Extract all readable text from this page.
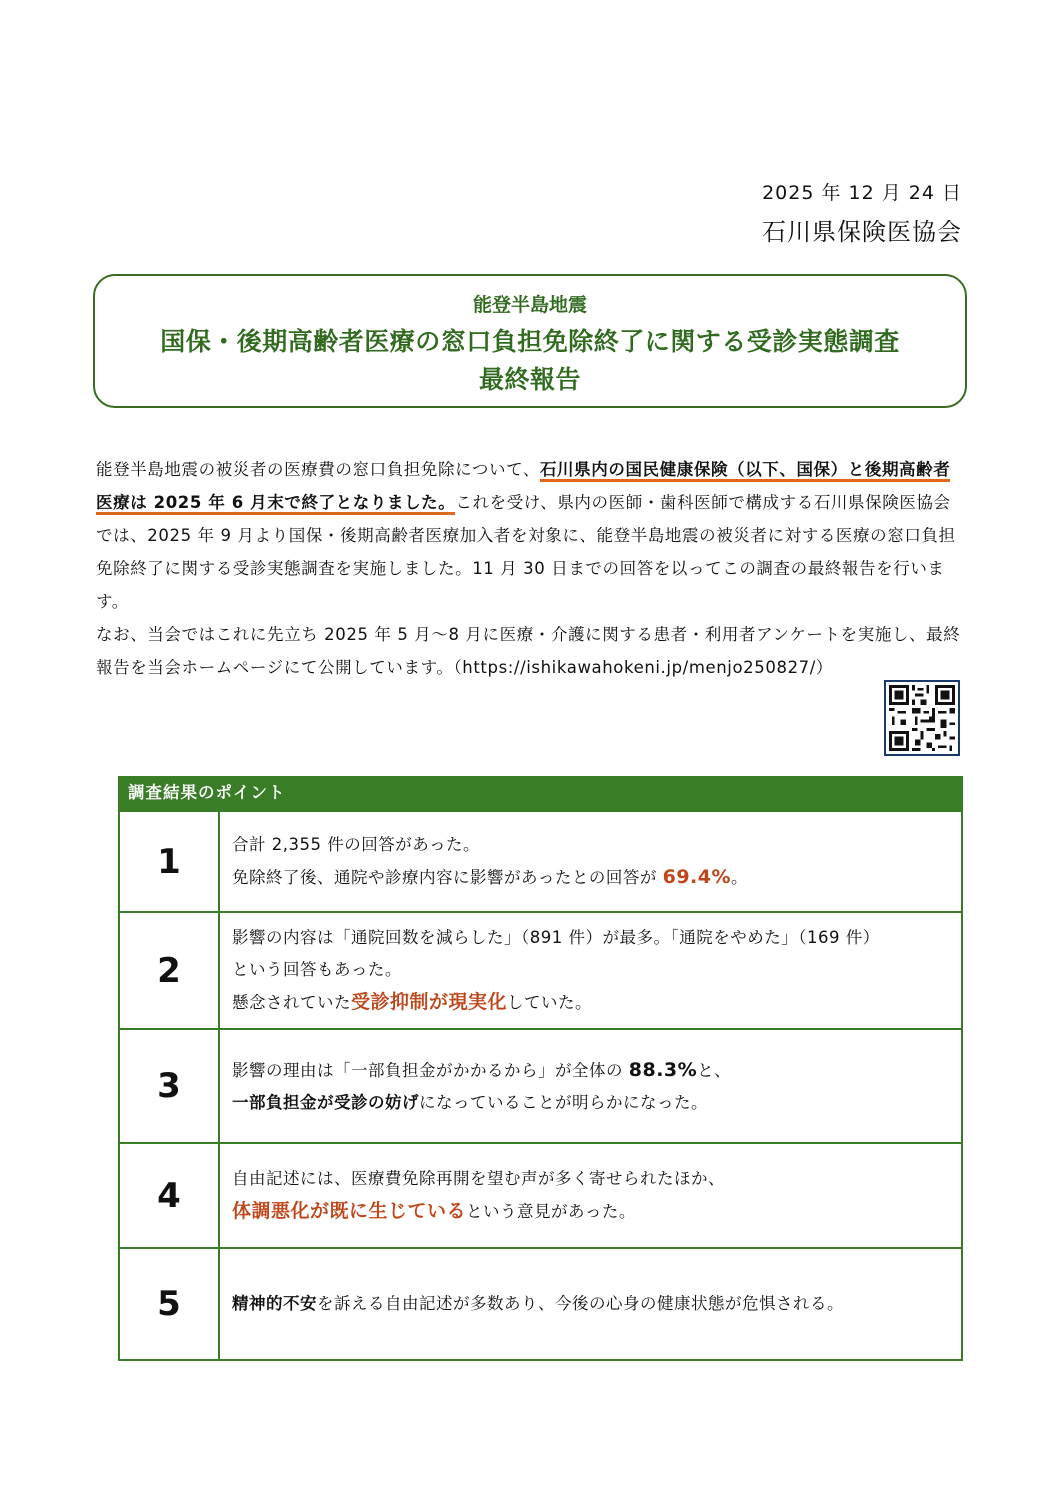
2025 年 12 月 24 日
石川県保険医協会
能登半島地震
国保・後期高齢者医療の窓口負担免除終了に関する受診実態調査
最終報告

能登半島地震の被災者の医療費の窓口負担免除について、石川県内の国民健康保険（以下、国保）と後期高齢者医療は 2025 年 6 月末で終了となりました。これを受け、県内の医師・歯科医師で構成する石川県保険医協会では、2025 年 9 月より国保・後期高齢者医療加入者を対象に、能登半島地震の被災者に対する医療の窓口負担免除終了に関する受診実態調査を実施しました。11 月 30 日までの回答を以ってこの調査の最終報告を行います。

なお、当会ではこれに先立ち 2025 年 5 月〜8 月に医療・介護に関する患者・利用者アンケートを実施し、最終報告を当会ホームページにて公開しています。（https://ishikawahokeni.jp/menjo250827/）

調査結果のポイント
1	合計 2,355 件の回答があった。
免除終了後、通院や診療内容に影響があったとの回答が 69.4%。

2	影響の内容は「通院回数を減らした」（891 件）が最多。「通院をやめた」（169 件）
という回答もあった。
懸念されていた受診抑制が現実化していた。

3	影響の理由は「一部負担金がかかるから」が全体の 88.3%と、
一部負担金が受診の妨げになっていることが明らかになった。

4	自由記述には、医療費免除再開を望む声が多く寄せられたほか、
体調悪化が既に生じているという意見があった。

5	精神的不安を訴える自由記述が多数あり、今後の心身の健康状態が危惧される。
